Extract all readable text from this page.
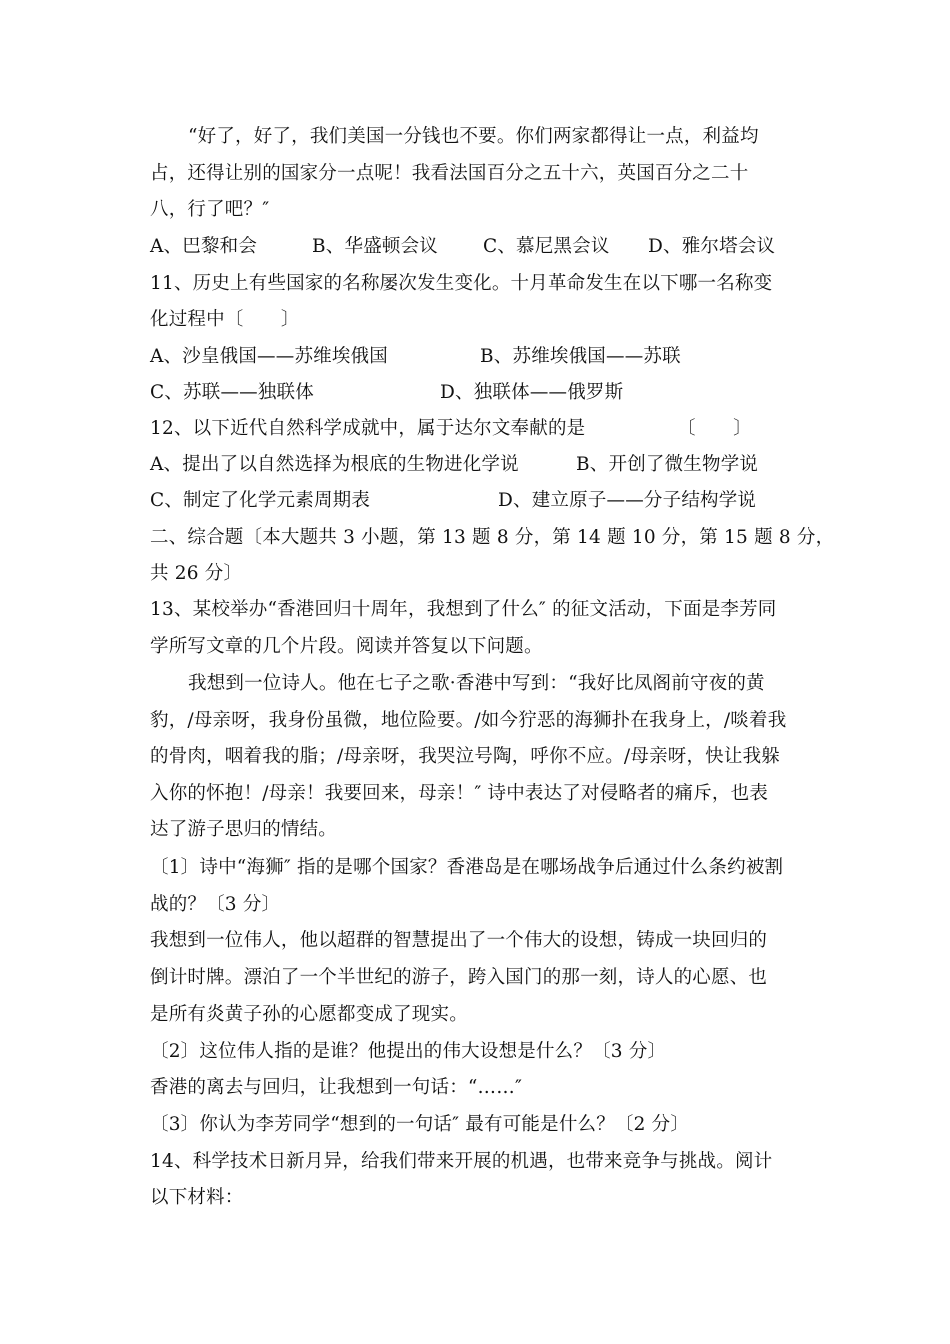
“好了，好了，我们美国一分钱也不要。你们两家都得让一点，利益均
占，还得让别的国家分一点呢！我看法国百分之五十六，英国百分之二十
八，行了吧？″
A、巴黎和会	B、华盛顿会议 C、慕尼黑会议 D、雅尔塔会议
11、历史上有些国家的名称屡次发生变化。十月革命发生在以下哪一名称变
化过程中〔　　〕
A、沙皇俄国——苏维埃俄国	B、苏维埃俄国——苏联
C、苏联——独联体	D、独联体——俄罗斯
12、以下近代自然科学成就中，属于达尔文奉献的是	〔　　〕
A、提出了以自然选择为根底的生物进化学说	B、开创了微生物学说
C、制定了化学元素周期表	D、建立原子——分子结构学说
二、综合题〔本大题共 3 小题，第 13 题 8 分，第 14 题 10 分，第 15 题 8 分，
共 26 分〕
13、某校举办“香港回归十周年，我想到了什么″ 的征文活动，下面是李芳同
学所写文章的几个片段。阅读并答复以下问题。
我想到一位诗人。他在七子之歌·香港中写到：“我好比凤阁前守夜的黄
豹，/母亲呀，我身份虽微，地位险要。/如今狞恶的海狮扑在我身上，/啖着我
的骨肉，咽着我的脂；/母亲呀，我哭泣号陶，呼你不应。/母亲呀，快让我躲
入你的怀抱！/母亲！我要回来，母亲！″ 诗中表达了对侵略者的痛斥，也表
达了游子思归的情结。
〔1〕诗中“海狮″ 指的是哪个国家？香港岛是在哪场战争后通过什么条约被割
战的？〔3 分〕
我想到一位伟人，他以超群的智慧提出了一个伟大的设想，铸成一块回归的
倒计时牌。漂泊了一个半世纪的游子，跨入国门的那一刻，诗人的心愿、也
是所有炎黄子孙的心愿都变成了现实。
〔2〕这位伟人指的是谁？他提出的伟大设想是什么？〔3 分〕
香港的离去与回归，让我想到一句话：“……″
〔3〕你认为李芳同学“想到的一句话″ 最有可能是什么？〔2 分〕
14、科学技术日新月异，给我们带来开展的机遇，也带来竞争与挑战。阅计
以下材料：
